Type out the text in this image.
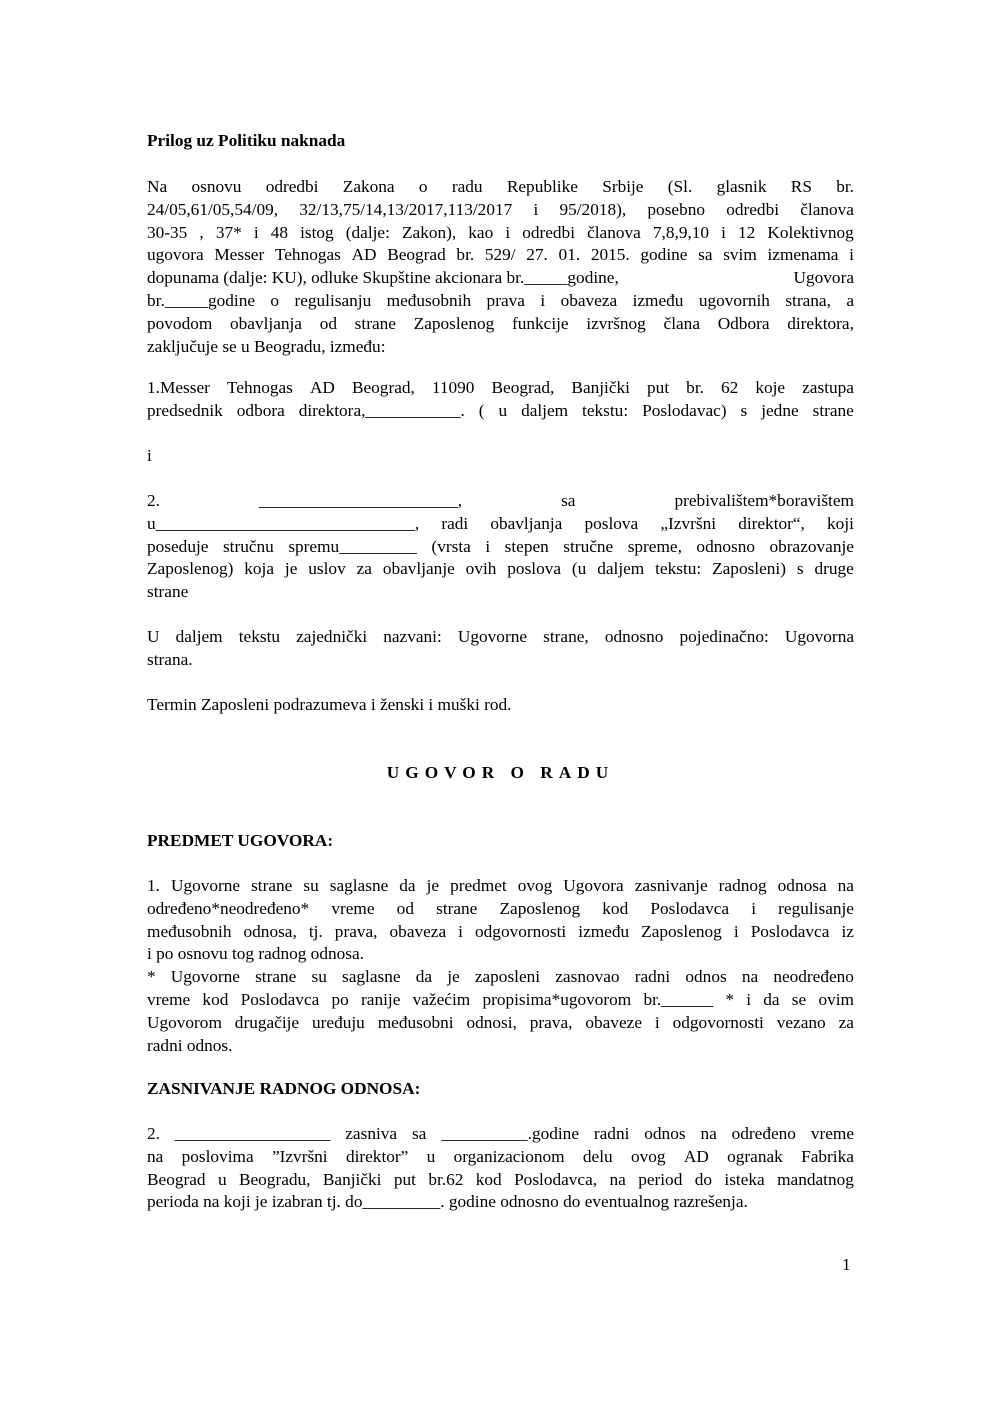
Prilog uz Politiku naknada
Na osnovu odredbi Zakona o radu Republike Srbije (Sl. glasnik RS br.
24/05,61/05,54/09, 32/13,75/14,13/2017,113/2017 i 95/2018), posebno odredbi članova
30-35 , 37* i 48 istog (dalje: Zakon), kao i odredbi članova 7,8,9,10 i 12 Kolektivnog
ugovora Messer Tehnogas AD Beograd br. 529/ 27. 01. 2015. godine sa svim izmenama i
dopunama (dalje: KU), odluke Skupštine akcionara br._____godine,	Ugovora
br._____godine o regulisanju međusobnih prava i obaveza između ugovornih strana, a
povodom obavljanja od strane Zaposlenog funkcije izvršnog člana Odbora direktora,
zaključuje se u Beogradu, između:
1.Messer Tehnogas AD Beograd, 11090 Beograd, Banjički put br. 62 koje zastupa
predsednik odbora direktora,___________. ( u daljem tekstu: Poslodavac) s jedne strane
i
2.	_______________________,	sa	prebivalištem*boravištem
u______________________________, radi obavljanja poslova „Izvršni direktor“, koji
poseduje stručnu spremu_________ (vrsta i stepen stručne spreme, odnosno obrazovanje
Zaposlenog) koja je uslov za obavljanje ovih poslova (u daljem tekstu: Zaposleni) s druge
strane
U daljem tekstu zajednički nazvani: Ugovorne strane, odnosno pojedinačno: Ugovorna
strana.
Termin Zaposleni podrazumeva i ženski i muški rod.
UGOVOR O RADU
PREDMET UGOVORA:
1. Ugovorne strane su saglasne da je predmet ovog Ugovora zasnivanje radnog odnosa na
određeno*neodređeno* vreme od strane Zaposlenog kod Poslodavca i regulisanje
međusobnih odnosa, tj. prava, obaveza i odgovornosti između Zaposlenog i Poslodavca iz
i po osnovu tog radnog odnosa.
* Ugovorne strane su saglasne da je zaposleni zasnovao radni odnos na neodređeno
vreme kod Poslodavca po ranije važećim propisima*ugovorom br.______ * i da se ovim
Ugovorom drugačije uređuju međusobni odnosi, prava, obaveze i odgovornosti vezano za
radni odnos.
ZASNIVANJE RADNOG ODNOSA:
2. __________________ zasniva sa __________.godine radni odnos na određeno vreme
na poslovima ”Izvršni direktor” u organizacionom delu ovog AD ogranak Fabrika
Beograd u Beogradu, Banjički put br.62 kod Poslodavca, na period do isteka mandatnog
perioda na koji je izabran tj. do_________. godine odnosno do eventualnog razrešenja.
1
